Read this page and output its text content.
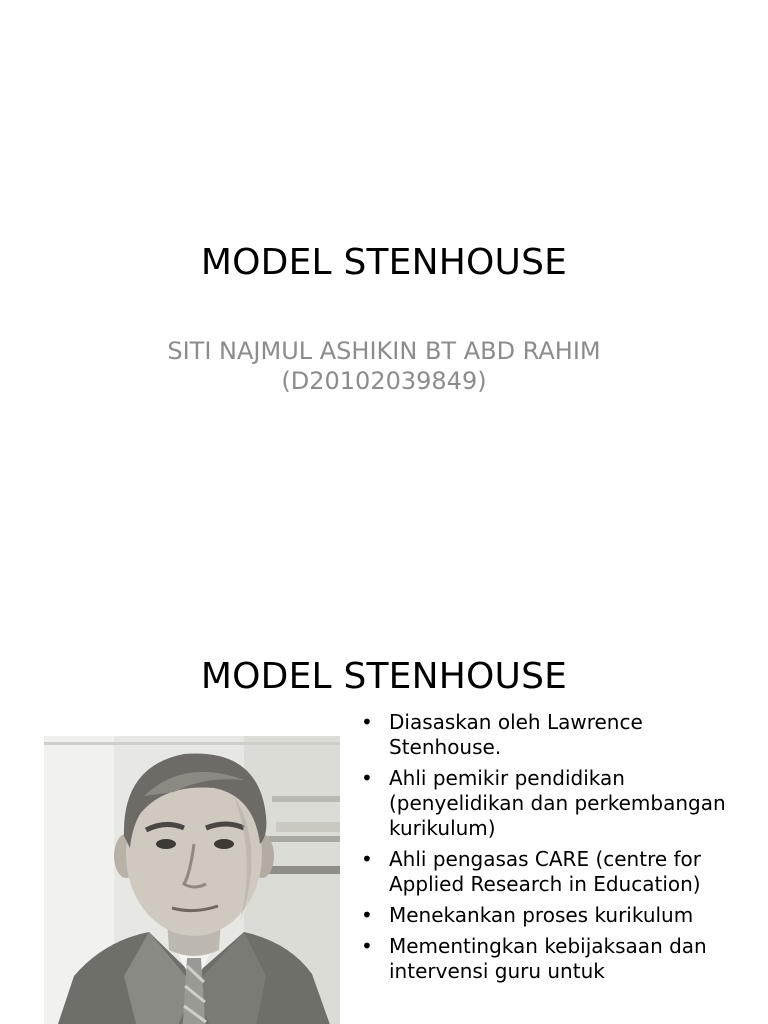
MODEL STENHOUSE
SITI NAJMUL ASHIKIN BT ABD RAHIM
(D20102039849)
MODEL STENHOUSE
• Diasaskan oleh Lawrence Stenhouse.
• Ahli pemikir pendidikan (penyelidikan dan perkembangan kurikulum)
• Ahli pengasas CARE (centre for Applied Research in Education)
• Menekankan proses kurikulum
• Mementingkan kebijaksaan dan intervensi guru untuk
